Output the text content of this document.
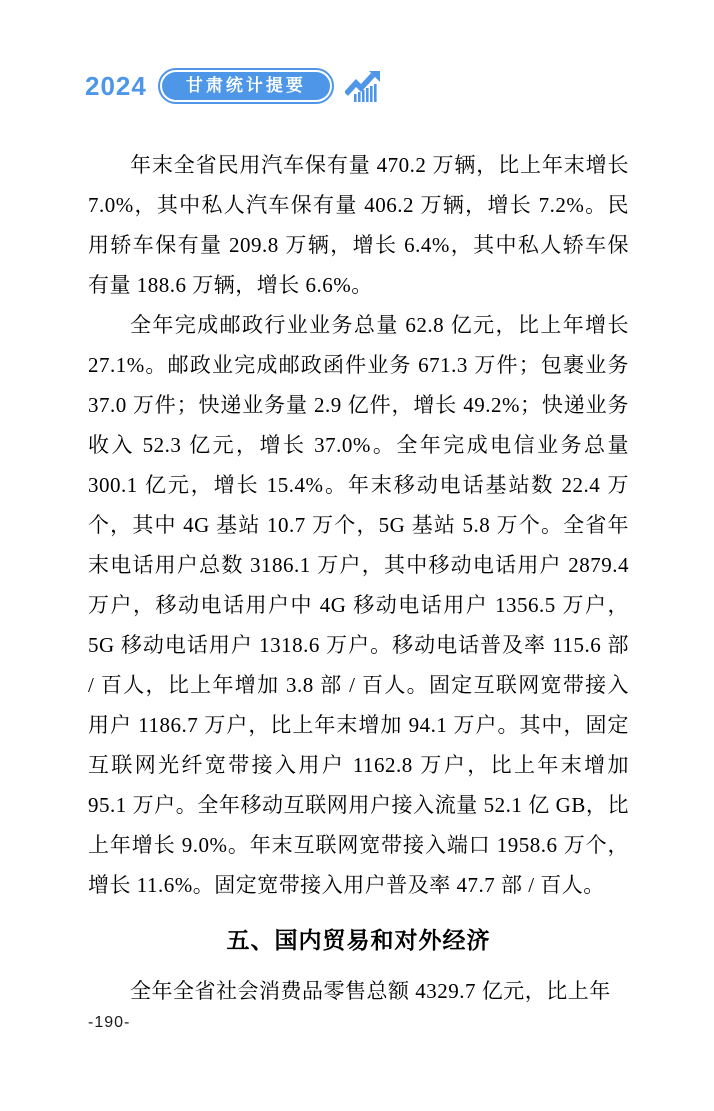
2024	甘肃统计提要

年末全省民用汽车保有量 470.2 万辆，比上年末增长 7.0%，其中私人汽车保有量 406.2 万辆，增长 7.2%。民用轿车保有量 209.8 万辆，增长 6.4%，其中私人轿车保有量 188.6 万辆，增长 6.6%。

全年完成邮政行业业务总量 62.8 亿元，比上年增长 27.1%。邮政业完成邮政函件业务 671.3 万件；包裹业务 37.0 万件；快递业务量 2.9 亿件，增长 49.2%；快递业务收入 52.3 亿元，增长 37.0%。全年完成电信业务总量 300.1 亿元，增长 15.4%。年末移动电话基站数 22.4 万个，其中 4G 基站 10.7 万个，5G 基站 5.8 万个。全省年末电话用户总数 3186.1 万户，其中移动电话用户 2879.4 万户，移动电话用户中 4G 移动电话用户 1356.5 万户，5G 移动电话用户 1318.6 万户。移动电话普及率 115.6 部 / 百人，比上年增加 3.8 部 / 百人。固定互联网宽带接入用户 1186.7 万户，比上年末增加 94.1 万户。其中，固定互联网光纤宽带接入用户 1162.8 万户，比上年末增加 95.1 万户。全年移动互联网用户接入流量 52.1 亿 GB，比上年增长 9.0%。年末互联网宽带接入端口 1958.6 万个，增长 11.6%。固定宽带接入用户普及率 47.7 部 / 百人。

五、国内贸易和对外经济

全年全省社会消费品零售总额 4329.7 亿元，比上年

-190-
